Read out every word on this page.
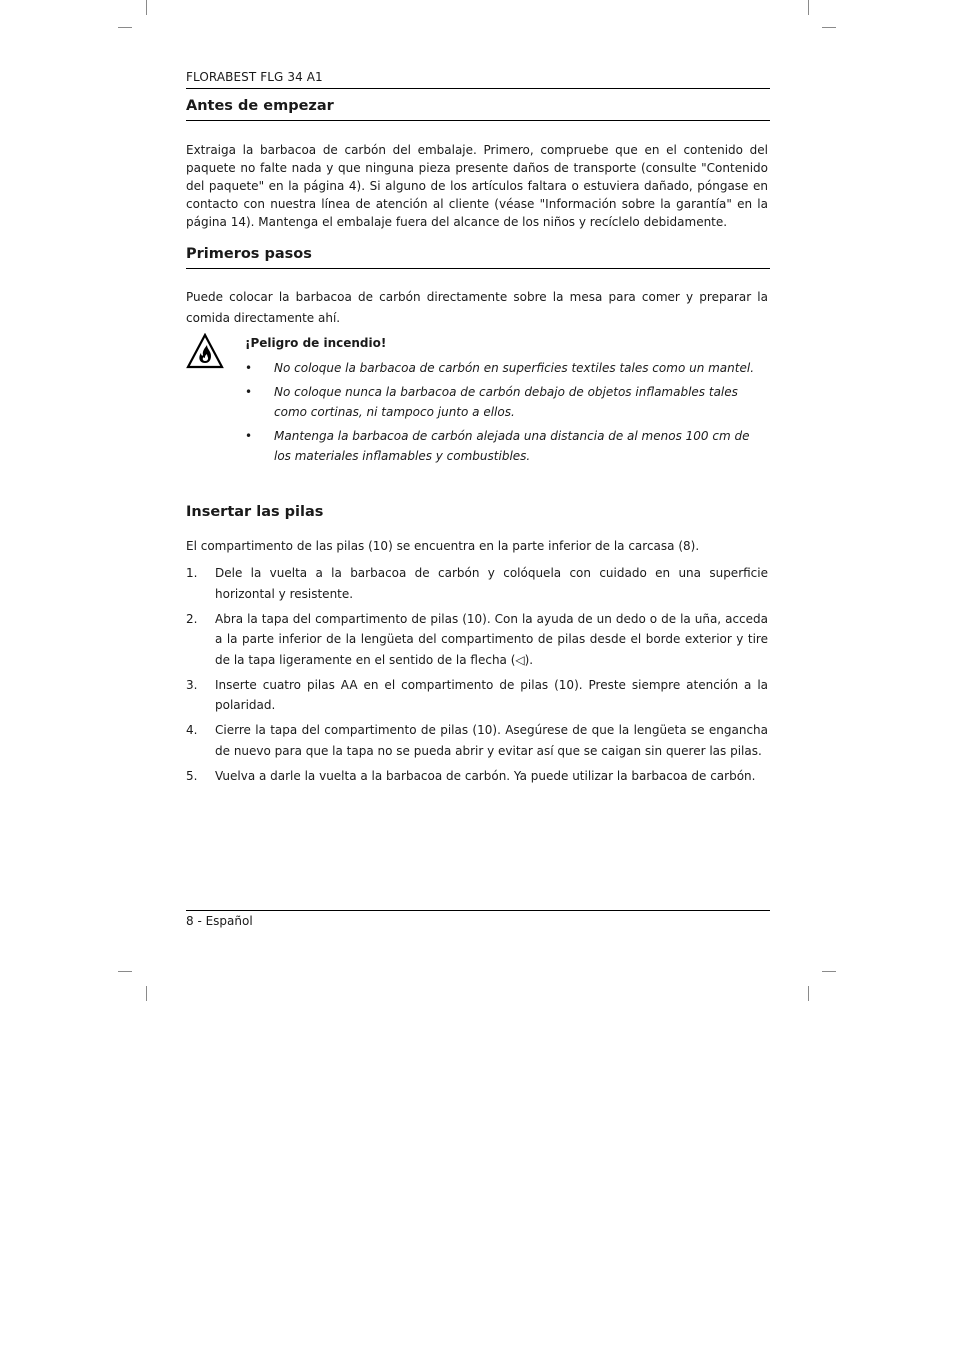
FLORABEST FLG 34 A1
Antes de empezar
Extraiga la barbacoa de carbón del embalaje. Primero, compruebe que en el contenido del paquete no falte nada y que ninguna pieza presente daños de transporte (consulte "Contenido del paquete" en la página 4). Si alguno de los artículos faltara o estuviera dañado, póngase en contacto con nuestra línea de atención al cliente (véase "Información sobre la garantía" en la página 14). Mantenga el embalaje fuera del alcance de los niños y recíclelo debidamente.
Primeros pasos
Puede colocar la barbacoa de carbón directamente sobre la mesa para comer y preparar la comida directamente ahí.
¡Peligro de incendio!
• No coloque la barbacoa de carbón en superficies textiles tales como un mantel.
• No coloque nunca la barbacoa de carbón debajo de objetos inflamables tales como cortinas, ni tampoco junto a ellos.
• Mantenga la barbacoa de carbón alejada una distancia de al menos 100 cm de los materiales inflamables y combustibles.
Insertar las pilas
El compartimento de las pilas (10) se encuentra en la parte inferior de la carcasa (8).
1. Dele la vuelta a la barbacoa de carbón y colóquela con cuidado en una superficie horizontal y resistente.
2. Abra la tapa del compartimento de pilas (10). Con la ayuda de un dedo o de la uña, acceda a la parte inferior de la lengüeta del compartimento de pilas desde el borde exterior y tire de la tapa ligeramente en el sentido de la flecha (◁).
3. Inserte cuatro pilas AA en el compartimento de pilas (10). Preste siempre atención a la polaridad.
4. Cierre la tapa del compartimento de pilas (10). Asegúrese de que la lengüeta se engancha de nuevo para que la tapa no se pueda abrir y evitar así que se caigan sin querer las pilas.
5. Vuelva a darle la vuelta a la barbacoa de carbón. Ya puede utilizar la barbacoa de carbón.
8 - Español
